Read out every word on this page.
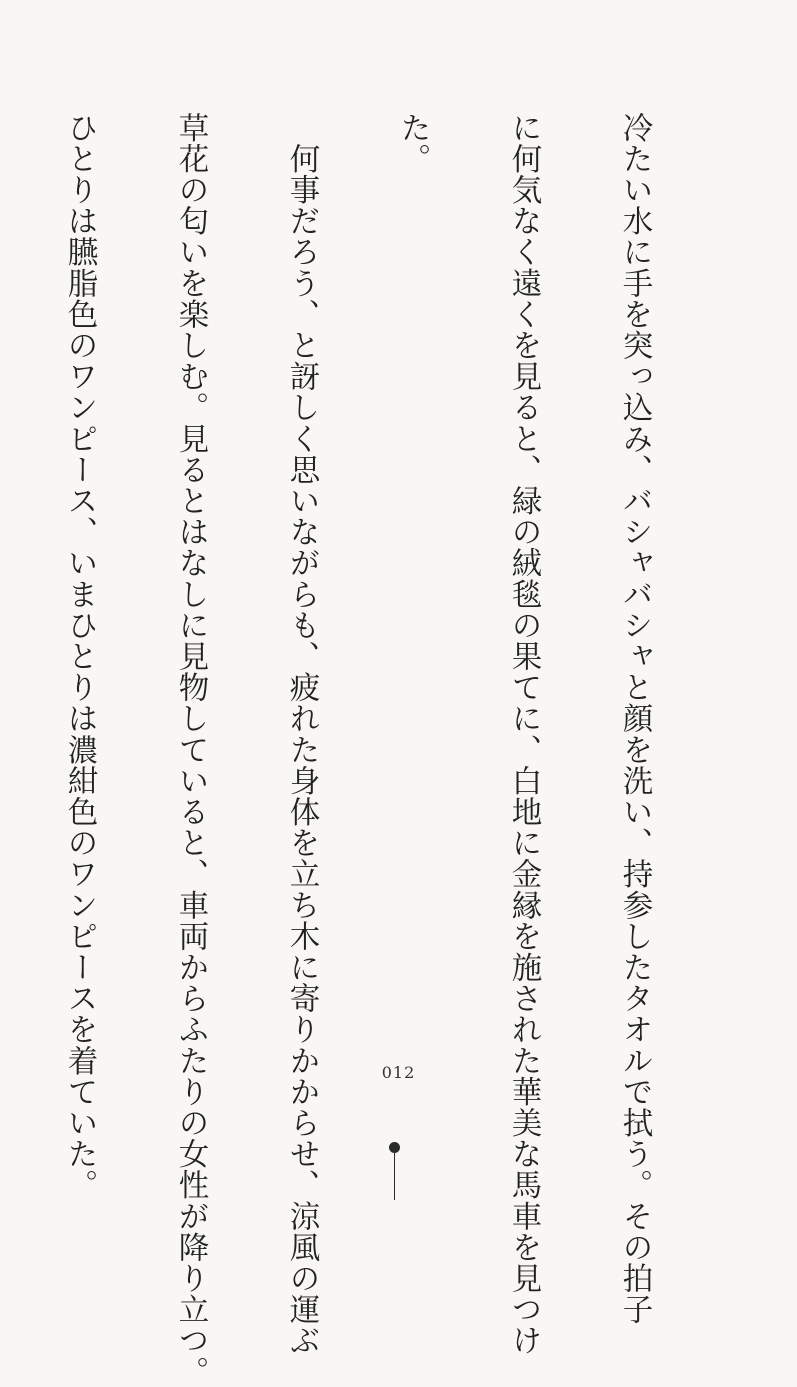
冷たい水に手を突っ込み、バシャバシャと顔を洗い、持参したタオルで拭う。その拍子

に何気なく遠くを見ると、緑の絨毯の果てに、白地に金縁を施された華美な馬車を見つけ

た。

　何事だろう、と訝しく思いながらも、疲れた身体を立ち木に寄りかからせ、涼風の運ぶ

草花の匂いを楽しむ。見るとはなしに見物していると、車両からふたりの女性が降り立つ。

ひとりは臙脂色のワンピース、いまひとりは濃紺色のワンピースを着ていた。

	012
